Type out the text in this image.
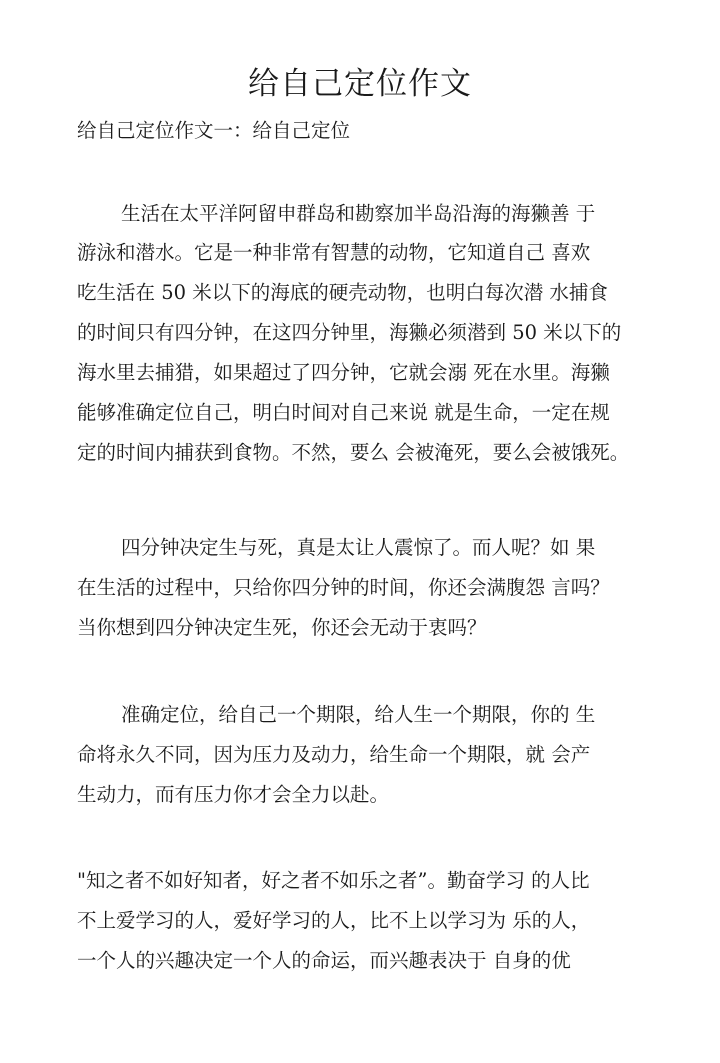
给自己定位作文
给自己定位作文一：给自己定位
生活在太平洋阿留申群岛和勘察加半岛沿海的海獭善 于
游泳和潜水。它是一种非常有智慧的动物，它知道自己 喜欢
吃生活在 50 米以下的海底的硬壳动物，也明白每次潜 水捕食
的时间只有四分钟，在这四分钟里，海獭必须潜到 50 米以下的
海水里去捕猎，如果超过了四分钟，它就会溺 死在水里。海獭
能够准确定位自己，明白时间对自己来说 就是生命，一定在规
定的时间内捕获到食物。不然，要么 会被淹死，要么会被饿死。
四分钟决定生与死，真是太让人震惊了。而人呢？如 果
在生活的过程中，只给你四分钟的时间，你还会满腹怨 言吗？
当你想到四分钟决定生死，你还会无动于衷吗？
准确定位，给自己一个期限，给人生一个期限，你的 生
命将永久不同，因为压力及动力，给生命一个期限，就 会产
生动力，而有压力你才会全力以赴。
"知之者不如好知者，好之者不如乐之者”。勤奋学习 的人比
不上爱学习的人，爱好学习的人，比不上以学习为 乐的人，
一个人的兴趣决定一个人的命运，而兴趣表决于 自身的优
